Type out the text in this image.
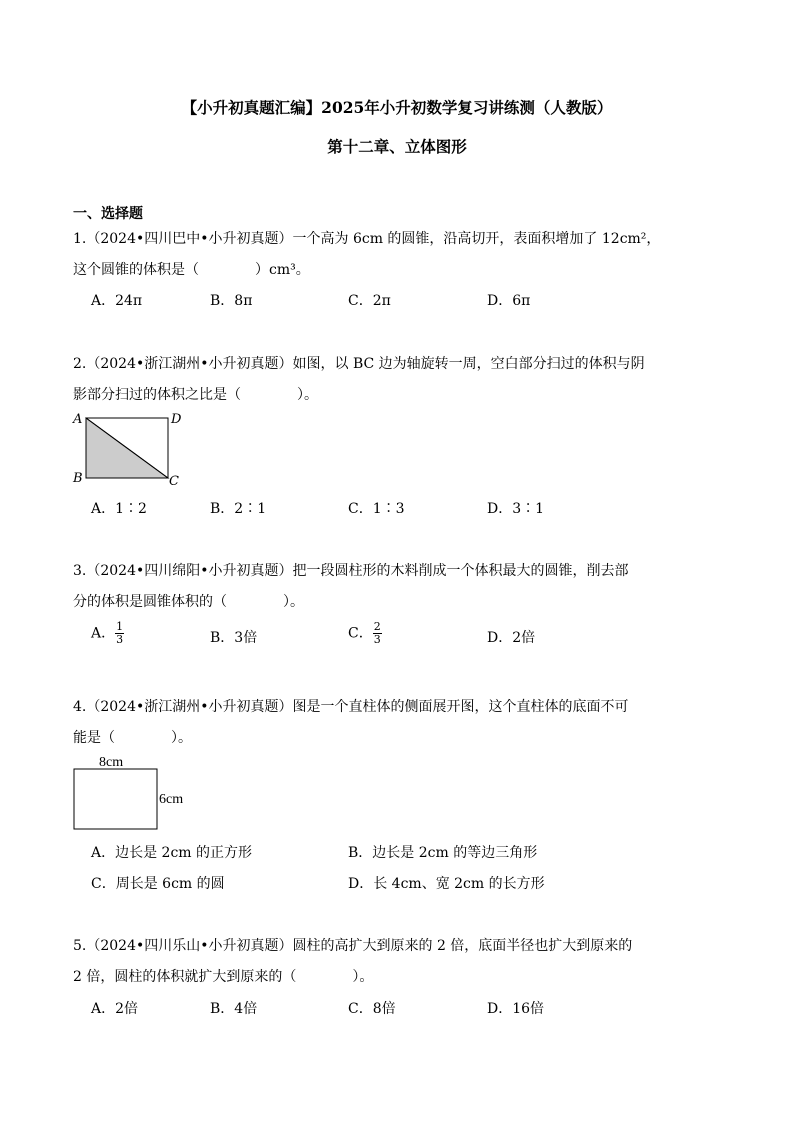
【小升初真题汇编】2025年小升初数学复习讲练测（人教版）
第十二章、立体图形
一、选择题
1.（2024•四川巴中•小升初真题）一个高为 6cm 的圆锥，沿高切开，表面积增加了 12cm²，
这个圆锥的体积是（　　　　）cm³。
A．24π	B．8π	C．2π	D．6π
2.（2024•浙江湖州•小升初真题）如图，以 BC 边为轴旋转一周，空白部分扫过的体积与阴
影部分扫过的体积之比是（　　　　）。
A	D
B	C
A．1∶2	B．2∶1	C．1∶3	D．3∶1
3.（2024•四川绵阳•小升初真题）把一段圆柱形的木料削成一个体积最大的圆锥，削去部
分的体积是圆锥体积的（　　　　）。
A． $\frac{1}{3}$	B．3倍	C． $\frac{2}{3}$	D．2倍
4.（2024•浙江湖州•小升初真题）图是一个直柱体的侧面展开图，这个直柱体的底面不可
能是（　　　　）。
8cm
6cm
A．边长是 2cm 的正方形	B．边长是 2cm 的等边三角形
C．周长是 6cm 的圆	D．长 4cm、宽 2cm 的长方形
5.（2024•四川乐山•小升初真题）圆柱的高扩大到原来的 2 倍，底面半径也扩大到原来的
2 倍，圆柱的体积就扩大到原来的（　　　　）。
A．2倍	B．4倍	C．8倍	D．16倍
